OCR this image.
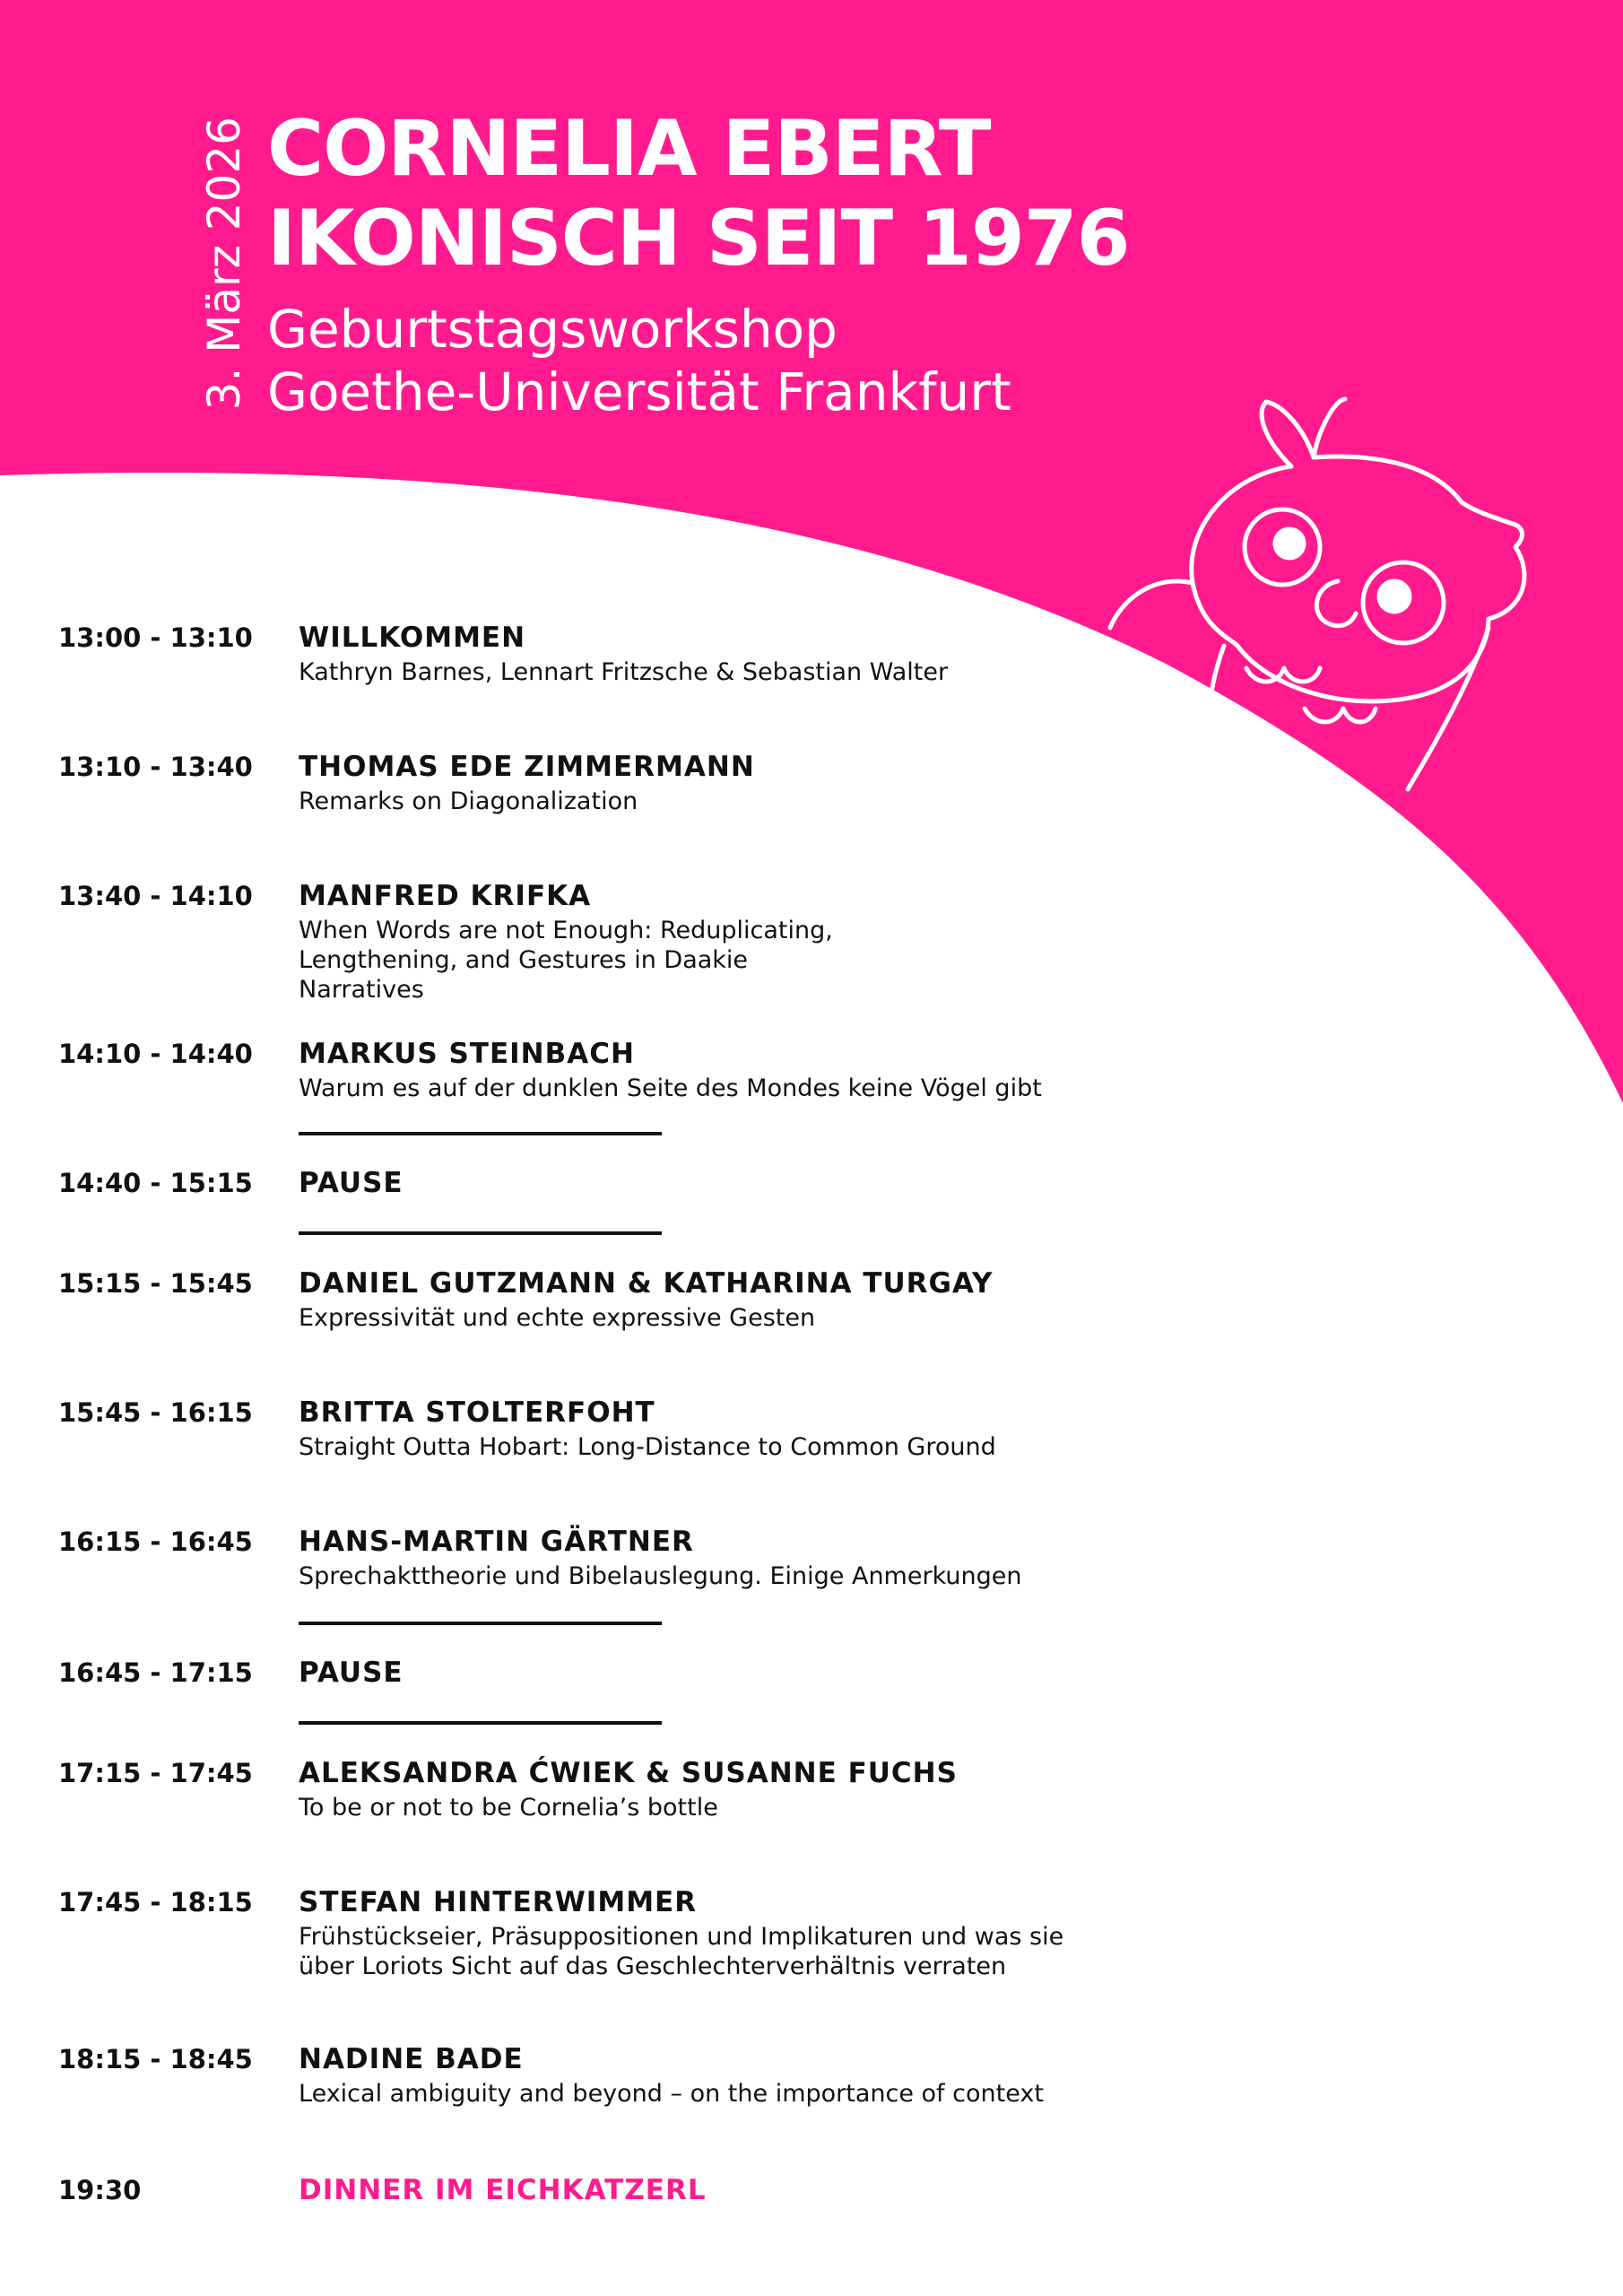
3. März 2026 CORNELIA EBERT
IKONISCH SEIT 1976
Geburtstagsworkshop
Goethe-Universität Frankfurt
13:00 - 13:10	WILLKOMMEN
Kathryn Barnes, Lennart Fritzsche & Sebastian Walter
13:10 - 13:40	THOMAS EDE ZIMMERMANN
Remarks on Diagonalization
13:40 - 14:10	MANFRED KRIFKA
When Words are not Enough: Reduplicating, Lengthening, and Gestures in Daakie Narratives
14:10 - 14:40	MARKUS STEINBACH
Warum es auf der dunklen Seite des Mondes keine Vögel gibt
14:40 - 15:15	PAUSE
15:15 - 15:45	DANIEL GUTZMANN & KATHARINA TURGAY
Expressivität und echte expressive Gesten
15:45 - 16:15	BRITTA STOLTERFOHT
Straight Outta Hobart: Long-Distance to Common Ground
16:15 - 16:45	HANS-MARTIN GÄRTNER
Sprechakttheorie und Bibelauslegung. Einige Anmerkungen
16:45 - 17:15	PAUSE
17:15 - 17:45	ALEKSANDRA ĆWIEK & SUSANNE FUCHS
To be or not to be Cornelia’s bottle
17:45 - 18:15	STEFAN HINTERWIMMER
Frühstückseier, Präsuppositionen und Implikaturen und was sie über Loriots Sicht auf das Geschlechterverhältnis verraten
18:15 - 18:45	NADINE BADE
Lexical ambiguity and beyond – on the importance of context
19:30	DINNER IM EICHKATZERL
